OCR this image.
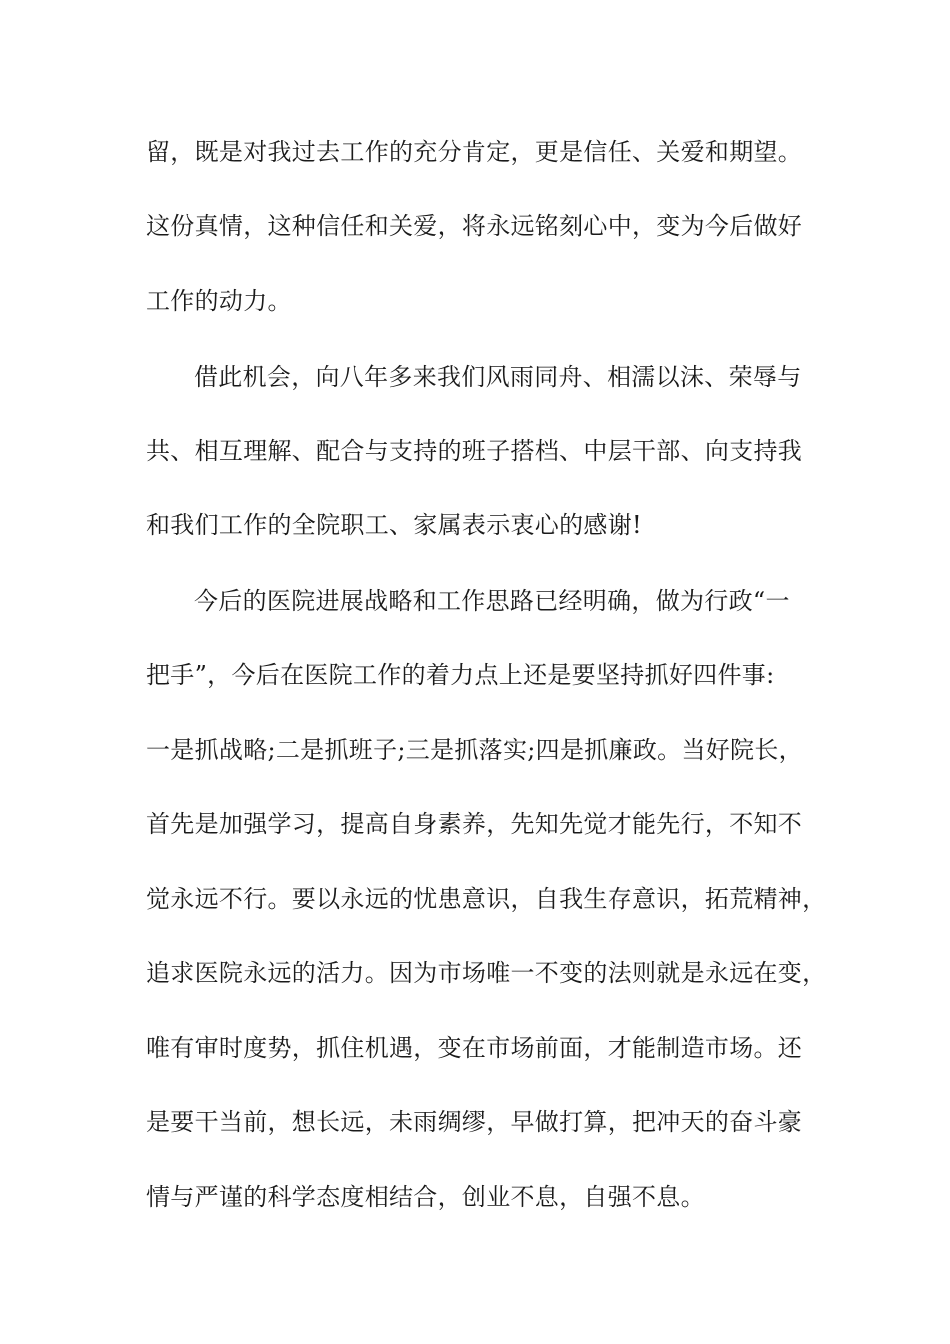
留，既是对我过去工作的充分肯定，更是信任、关爱和期望。
这份真情，这种信任和关爱，将永远铭刻心中，变为今后做好
工作的动力。
借此机会，向八年多来我们风雨同舟、相濡以沫、荣辱与
共、相互理解、配合与支持的班子搭档、中层干部、向支持我
和我们工作的全院职工、家属表示衷心的感谢!
今后的医院进展战略和工作思路已经明确，做为行政“一
把手”，今后在医院工作的着力点上还是要坚持抓好四件事:
一是抓战略;二是抓班子;三是抓落实;四是抓廉政。当好院长，
首先是加强学习，提高自身素养，先知先觉才能先行，不知不
觉永远不行。要以永远的忧患意识，自我生存意识，拓荒精神，
追求医院永远的活力。因为市场唯一不变的法则就是永远在变，
唯有审时度势，抓住机遇，变在市场前面，才能制造市场。还
是要干当前，想长远，未雨绸缪，早做打算，把冲天的奋斗豪
情与严谨的科学态度相结合，创业不息，自强不息。
